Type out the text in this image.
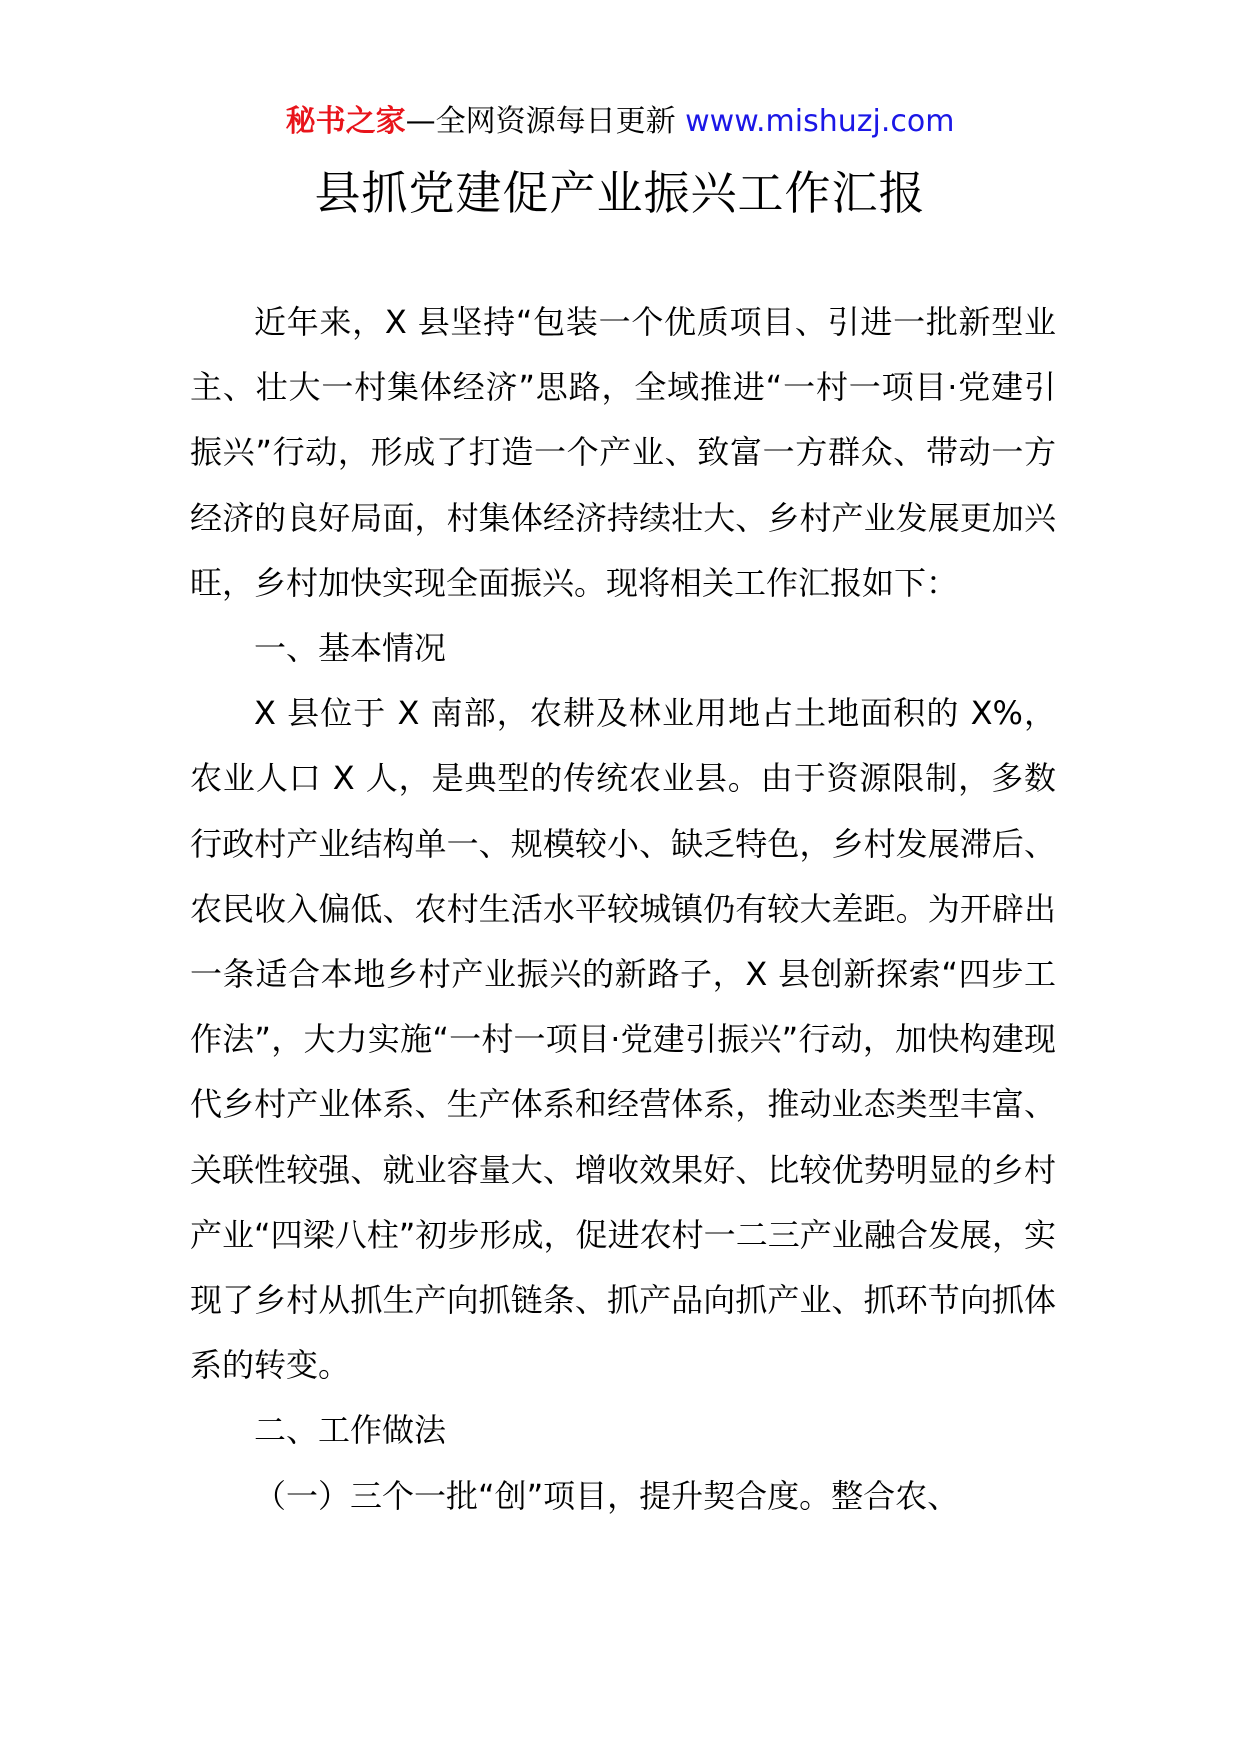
秘书之家—全网资源每日更新 www.mishuzj.com
县抓党建促产业振兴工作汇报

近年来，X 县坚持“包装一个优质项目、引进一批新型业主、壮大一村集体经济”思路，全域推进“一村一项目·党建引振兴”行动，形成了打造一个产业、致富一方群众、带动一方经济的良好局面，村集体经济持续壮大、乡村产业发展更加兴旺，乡村加快实现全面振兴。现将相关工作汇报如下：

一、基本情况

X 县位于 X 南部，农耕及林业用地占土地面积的 X%，农业人口 X 人，是典型的传统农业县。由于资源限制，多数行政村产业结构单一、规模较小、缺乏特色，乡村发展滞后、农民收入偏低、农村生活水平较城镇仍有较大差距。为开辟出一条适合本地乡村产业振兴的新路子，X 县创新探索“四步工作法”，大力实施“一村一项目·党建引振兴”行动，加快构建现代乡村产业体系、生产体系和经营体系，推动业态类型丰富、关联性较强、就业容量大、增收效果好、比较优势明显的乡村产业“四梁八柱”初步形成，促进农村一二三产业融合发展，实现了乡村从抓生产向抓链条、抓产品向抓产业、抓环节向抓体系的转变。

二、工作做法

（一）三个一批“创”项目，提升契合度。整合农、
